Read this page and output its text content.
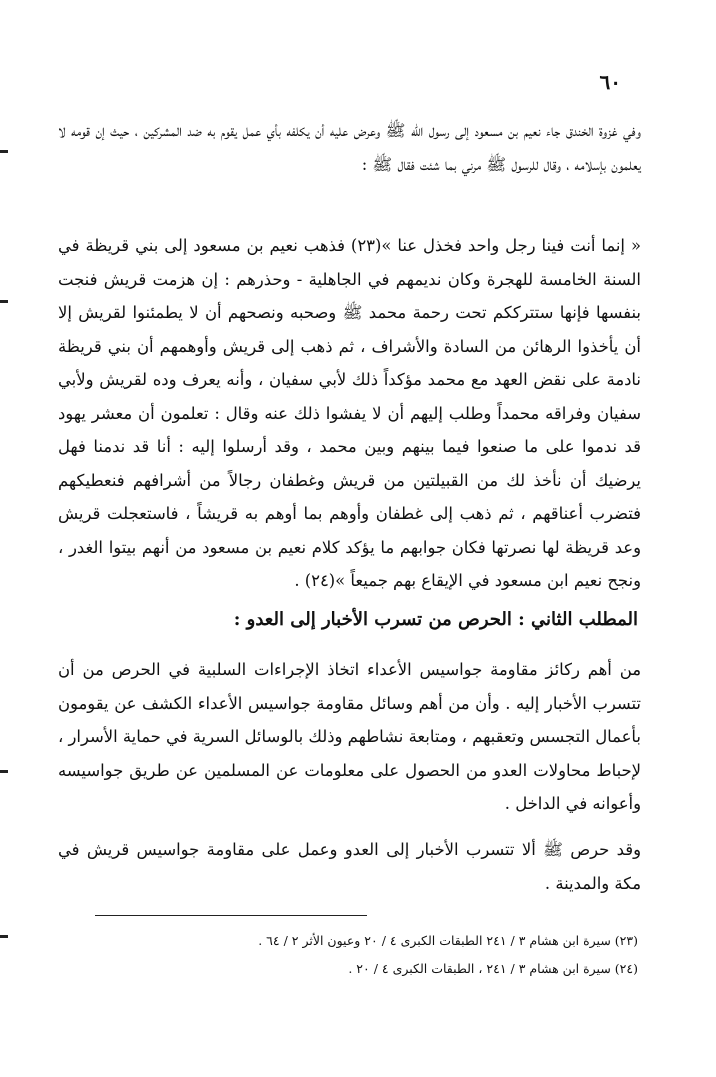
٦٠
وفي غزوة الخندق جاء نعيم بن مسعود إلى رسول الله ﷺ وعرض عليه أن يكلفه بأي عمل يقوم به ضد المشركين ، حيث إن قومه لا يعلمون بإسلامه ، وقال للرسول ﷺ مرني بما شئت فقال ﷺ :
« إنما أنت فينا رجل واحد فخذل عنا »(٢٣) فذهب نعيم بن مسعود إلى بني قريظة في السنة الخامسة للهجرة وكان نديمهم في الجاهلية - وحذرهم : إن هزمت قريش فنجت بنفسها فإنها ستترككم تحت رحمة محمد ﷺ وصحبه ونصحهم أن لا يطمئنوا لقريش إلا أن يأخذوا الرهائن من السادة والأشراف ، ثم ذهب إلى قريش وأوهمهم أن بني قريظة نادمة على نقض العهد مع محمد مؤكداً ذلك لأبي سفيان ، وأنه يعرف وده لقريش ولأبي سفيان وفراقه محمداً وطلب إليهم أن لا يفشوا ذلك عنه وقال : تعلمون أن معشر يهود قد ندموا على ما صنعوا فيما بينهم وبين محمد ، وقد أرسلوا إليه : أنا قد ندمنا فهل يرضيك أن نأخذ لك من القبيلتين من قريش وغطفان رجالاً من أشرافهم فنعطيكهم فتضرب أعناقهم ، ثم ذهب إلى غطفان وأوهم بما أوهم به قريشاً ، فاستعجلت قريش وعد قريظة لها نصرتها فكان جوابهم ما يؤكد كلام نعيم بن مسعود من أنهم بيتوا الغدر ، ونجح نعيم ابن مسعود في الإيقاع بهم جميعاً »(٢٤) .
المطلب الثاني : الحرص من تسرب الأخبار إلى العدو :
من أهم ركائز مقاومة جواسيس الأعداء اتخاذ الإجراءات السلبية في الحرص من أن تتسرب الأخبار إليه . وأن من أهم وسائل مقاومة جواسيس الأعداء الكشف عن يقومون بأعمال التجسس وتعقبهم ، ومتابعة نشاطهم وذلك بالوسائل السرية في حماية الأسرار ، لإحباط محاولات العدو من الحصول على معلومات عن المسلمين عن طريق جواسيسه وأعوانه في الداخل .
وقد حرص ﷺ ألا تتسرب الأخبار إلى العدو وعمل على مقاومة جواسيس قريش في مكة والمدينة .
(٢٣) سيرة ابن هشام ٣ / ٢٤١ الطبقات الكبرى ٤ / ٢٠ وعيون الأثر ٢ / ٦٤ .
(٢٤) سيرة ابن هشام ٣ / ٢٤١ ، الطبقات الكبرى ٤ / ٢٠ .
